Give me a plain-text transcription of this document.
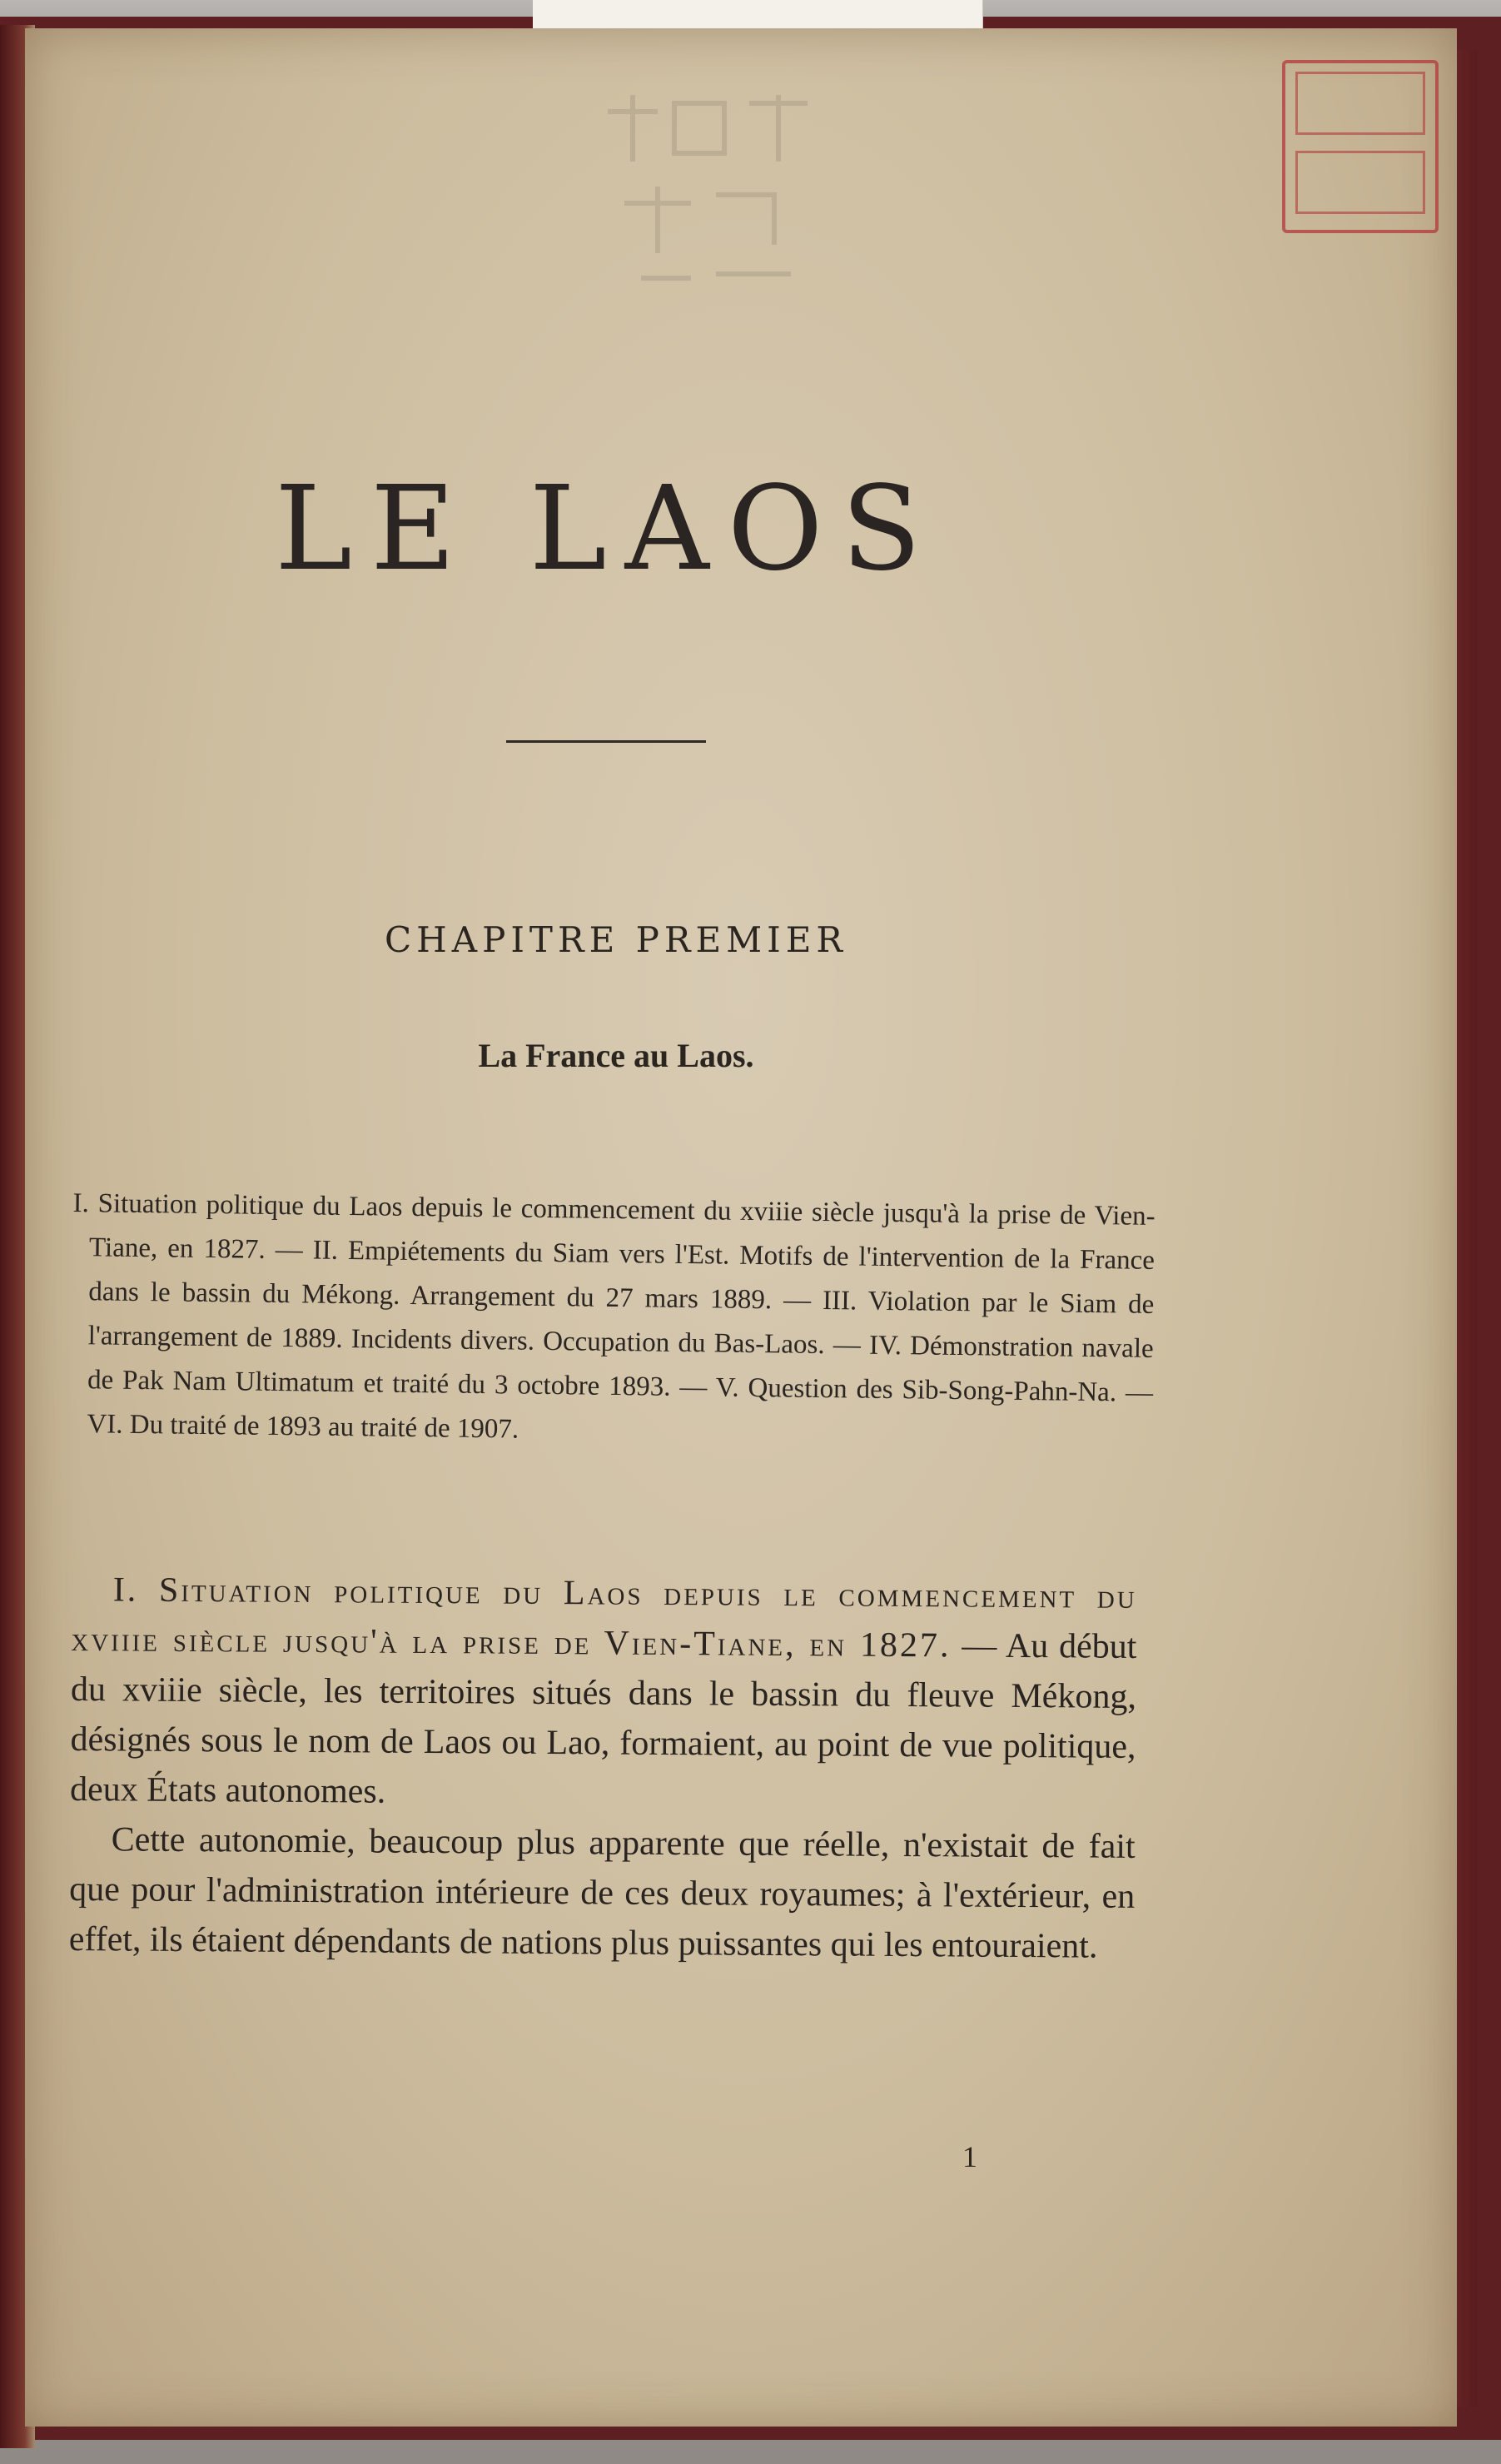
LE LAOS
CHAPITRE PREMIER
La France au Laos.
I. Situation politique du Laos depuis le commencement du xviiie siècle jusqu'à la prise de Vien-Tiane, en 1827. — II. Empiétements du Siam vers l'Est. Motifs de l'intervention de la France dans le bassin du Mékong. Arrangement du 27 mars 1889. — III. Violation par le Siam de l'arrangement de 1889. Incidents divers. Occupation du Bas-Laos. — IV. Démonstration navale de Pak Nam Ultimatum et traité du 3 octobre 1893. — V. Question des Sib-Song-Pahn-Na. — VI. Du traité de 1893 au traité de 1907.

I. Situation politique du Laos depuis le commencement du xviiie siècle jusqu'à la prise de Vien-Tiane, en 1827. — Au début du xviiie siècle, les territoires situés dans le bassin du fleuve Mékong, désignés sous le nom de Laos ou Lao, formaient, au point de vue politique, deux États autonomes.

Cette autonomie, beaucoup plus apparente que réelle, n'existait de fait que pour l'administration intérieure de ces deux royaumes; à l'extérieur, en effet, ils étaient dépendants de nations plus puissantes qui les entouraient.

1
